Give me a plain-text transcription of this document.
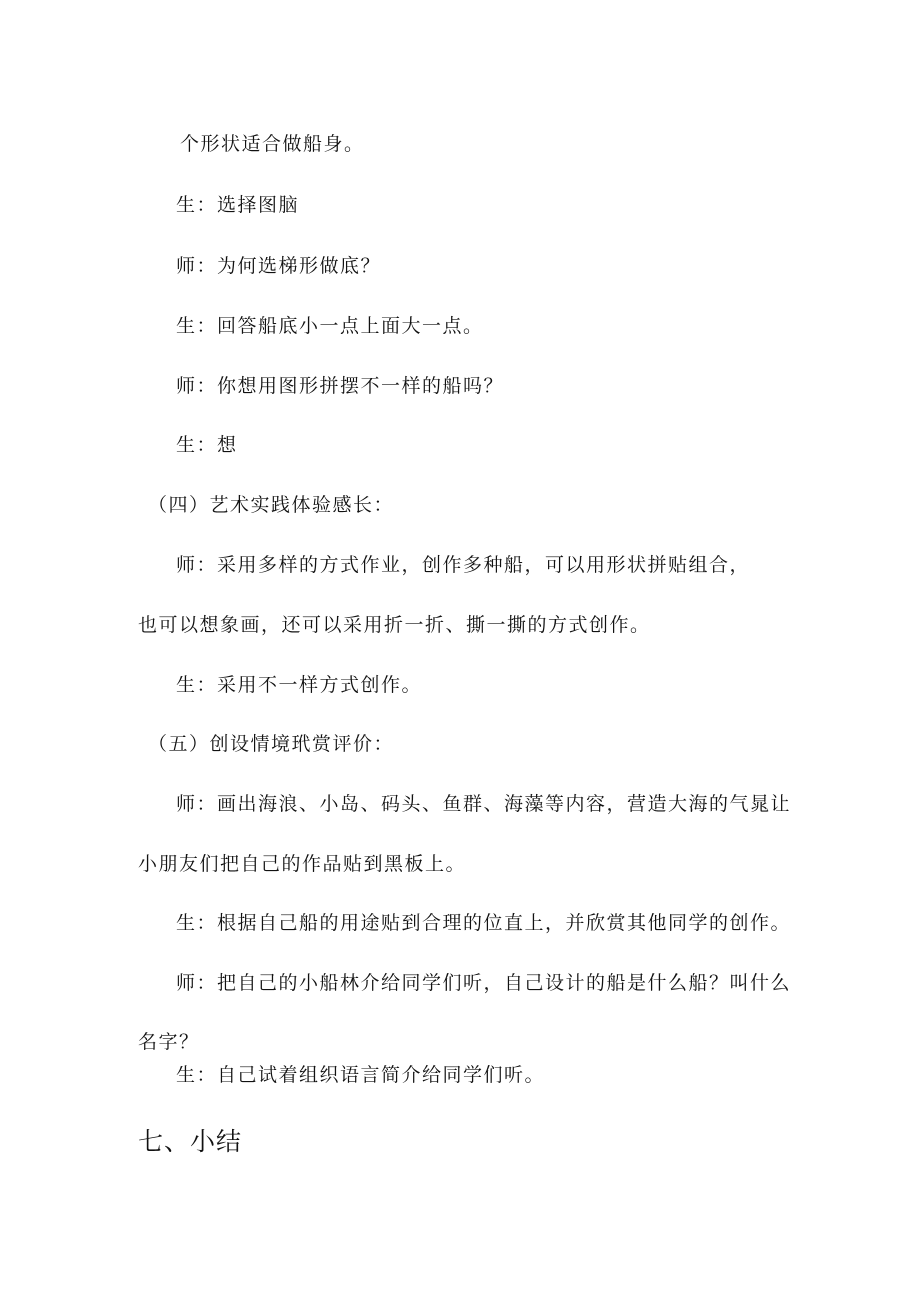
个形状适合做船身。
生：选择图脑
师：为何选梯形做底？
生：回答船底小一点上面大一点。
师：你想用图形拼摆不一样的船吗？
生：想
（四）艺术实践体验感长：
师：采用多样的方式作业，创作多种船，可以用形状拼贴组合，
也可以想象画，还可以采用折一折、撕一撕的方式创作。
生：采用不一样方式创作。
（五）创设情境玳赏评价：
师：画出海浪、小岛、码头、鱼群、海藻等内容，营造大海的气晁让
小朋友们把自己的作品贴到黑板上。
生：根据自己船的用途贴到合理的位直上，并欣赏其他同学的创作。
师：把自己的小船林介给同学们听，自己设计的船是什么船？叫什么
名字？
生：自己试着组织语言简介给同学们听。
七、小结
